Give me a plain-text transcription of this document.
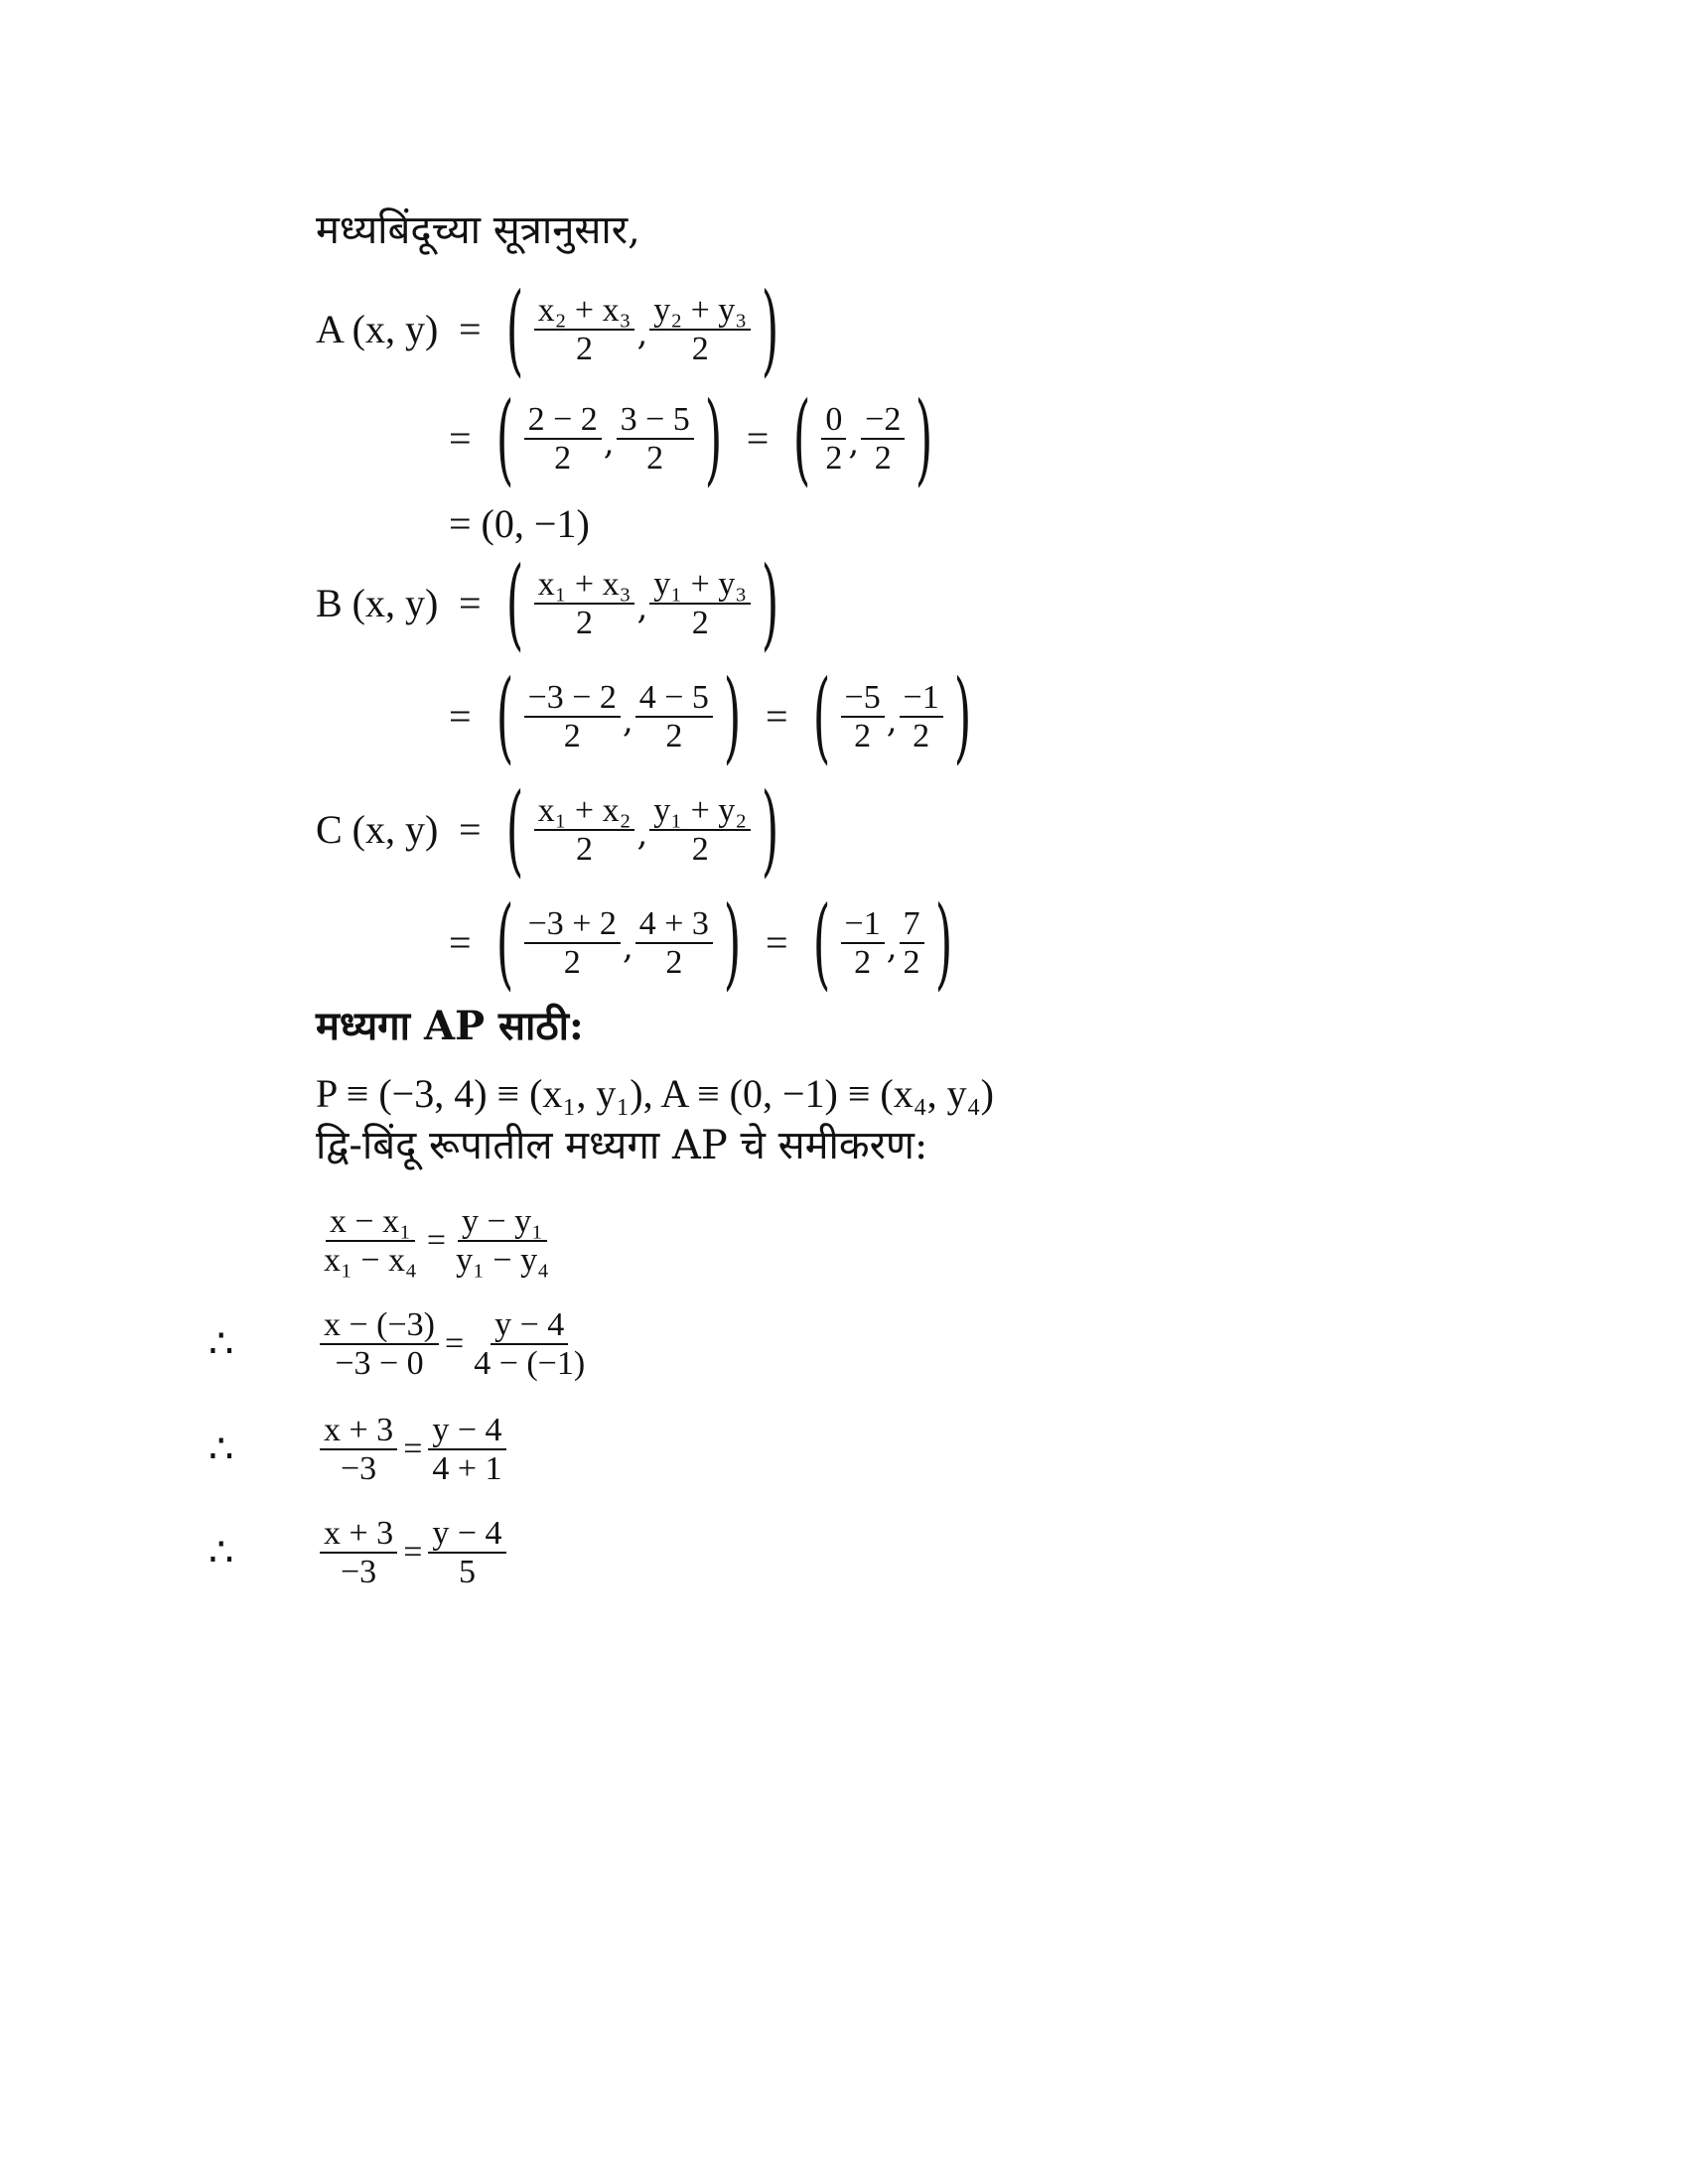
मध्यबिंदूच्या सूत्रानुसार,
A (x, y) = ( $\frac{\text{x₂ + x₃}}{2}$ , $\frac{\text{y₂ + y₃}}{2}$ )
= ( $\frac{2 - 2}{2}$ , $\frac{3 - 5}{2}$ ) = ( $\frac{0}{2}$ , $\frac{-2}{2}$ )
= (0, −1)
B (x, y) = ( $\frac{\text{x₁ + x₃}}{2}$ , $\frac{\text{y₁ + y₃}}{2}$ )
= ( $\frac{-3 - 2}{2}$ , $\frac{4 - 5}{2}$ ) = ( $\frac{-5}{2}$ , $\frac{-1}{2}$ )
C (x, y) = ( $\frac{\text{x₁ + x₂}}{2}$ , $\frac{\text{y₁ + y₂}}{2}$ )
= ( $\frac{-3 + 2}{2}$ , $\frac{4 + 3}{2}$ ) = ( $\frac{-1}{2}$ , $\frac{7}{2}$ )
मध्यगा AP साठी:
P ≡ (−3, 4) ≡ (x₁, y₁), A ≡ (0, −1) ≡ (x₄, y₄)
द्वि-बिंदू रूपातील मध्यगा AP चे समीकरण:
$\frac{\text{x − x₁}}{\text{x₁ − x₄}} = \frac{\text{y − y₁}}{\text{y₁ − y₄}}$
∴	$\frac{x - (-3)}{-3 - 0} = \frac{y - 4}{4 - (-1)}$
∴	$\frac{x + 3}{-3} = \frac{y - 4}{4 + 1}$
∴	$\frac{x + 3}{-3} = \frac{y - 4}{5}$
